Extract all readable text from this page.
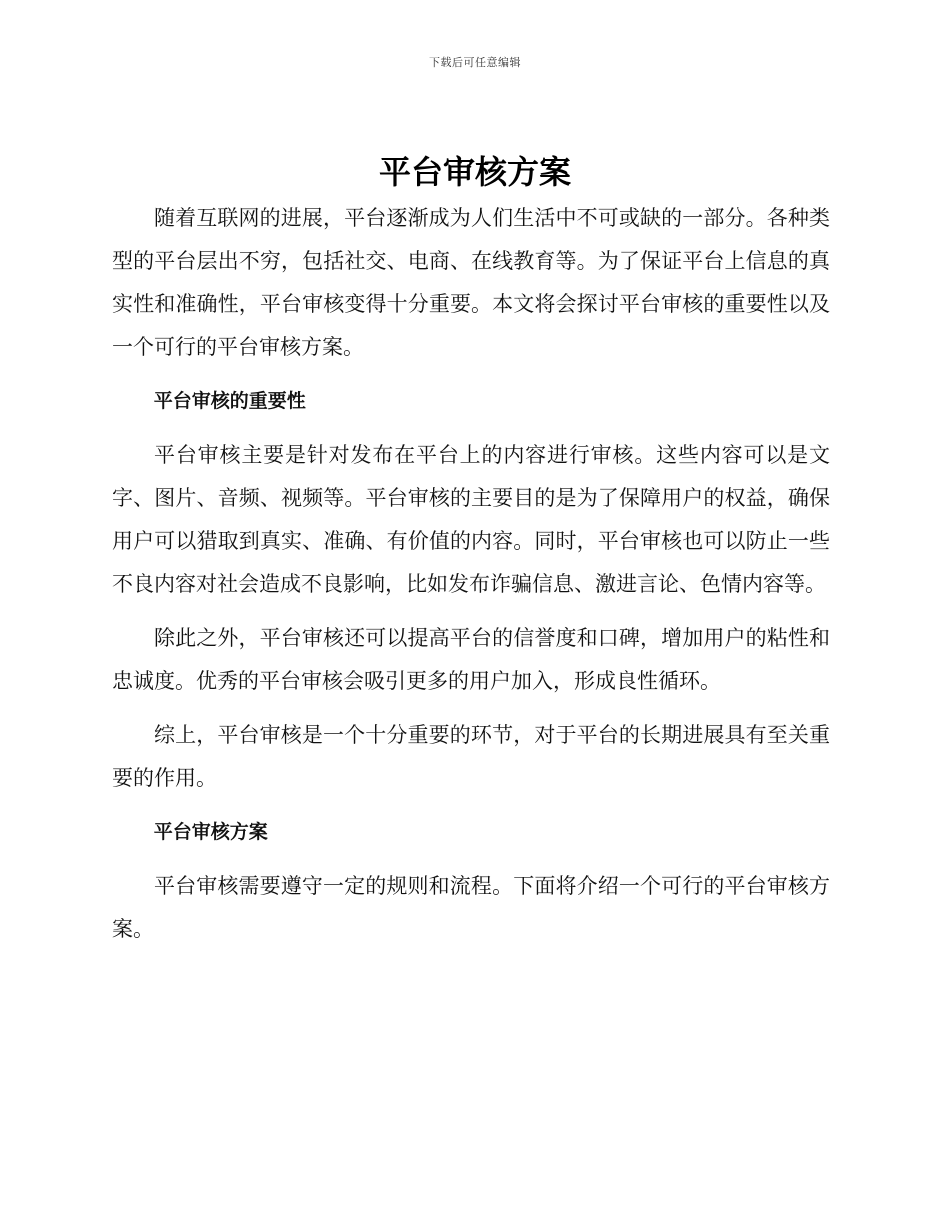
下载后可任意编辑
平台审核方案

随着互联网的进展，平台逐渐成为人们生活中不可或缺的一部分。各种类型的平台层出不穷，包括社交、电商、在线教育等。为了保证平台上信息的真实性和准确性，平台审核变得十分重要。本文将会探讨平台审核的重要性以及一个可行的平台审核方案。

平台审核的重要性

平台审核主要是针对发布在平台上的内容进行审核。这些内容可以是文字、图片、音频、视频等。平台审核的主要目的是为了保障用户的权益，确保用户可以猎取到真实、准确、有价值的内容。同时，平台审核也可以防止一些不良内容对社会造成不良影响，比如发布诈骗信息、激进言论、色情内容等。

除此之外，平台审核还可以提高平台的信誉度和口碑，增加用户的粘性和忠诚度。优秀的平台审核会吸引更多的用户加入，形成良性循环。

综上，平台审核是一个十分重要的环节，对于平台的长期进展具有至关重要的作用。

平台审核方案

平台审核需要遵守一定的规则和流程。下面将介绍一个可行的平台审核方案。
